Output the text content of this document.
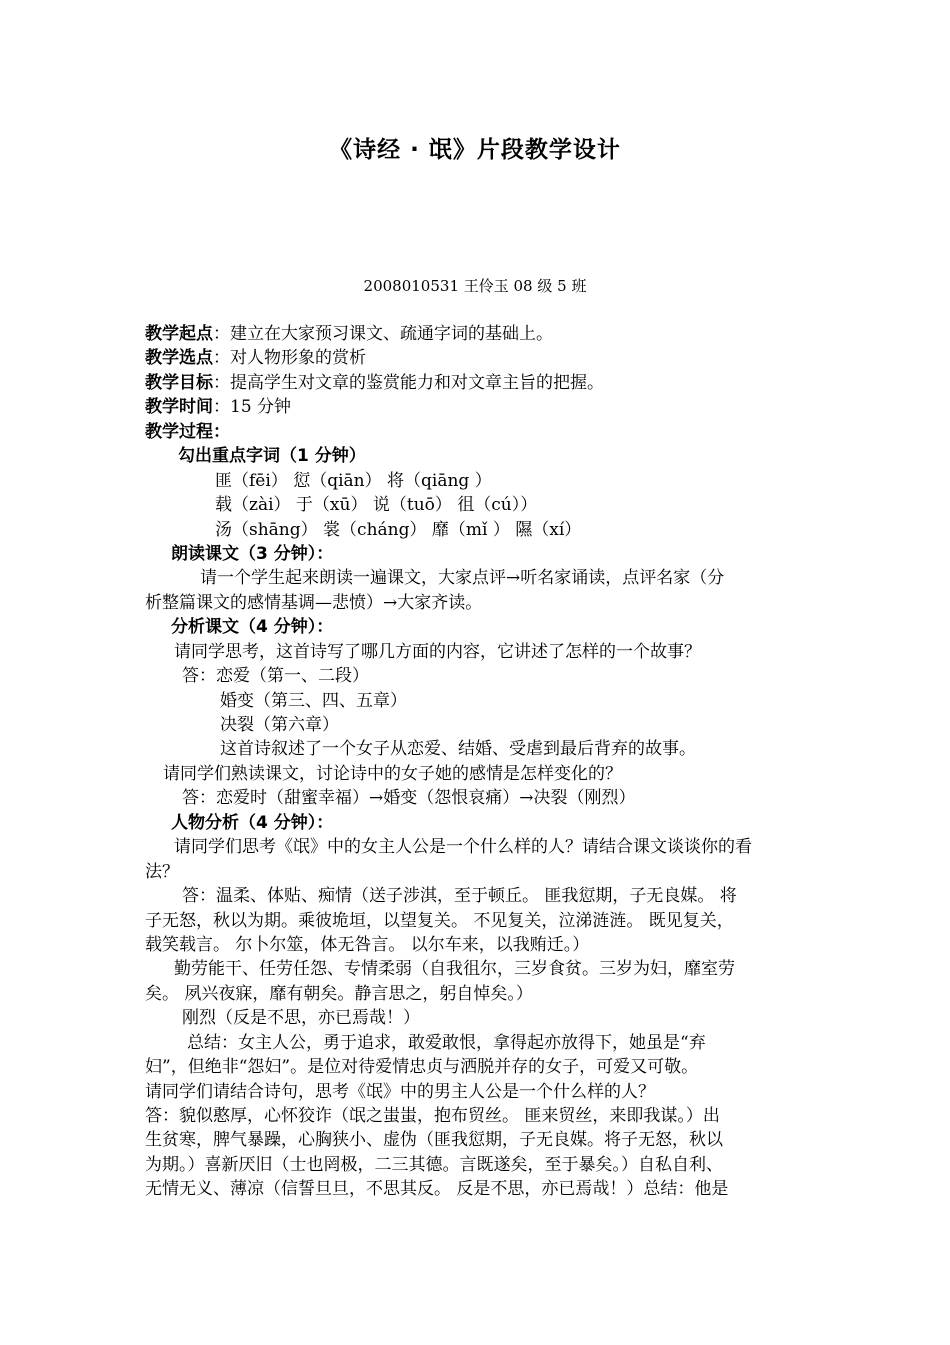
《诗经 · 氓》片段教学设计
2008010531 王伶玉 08 级 5 班
教学起点：建立在大家预习课文、疏通字词的基础上。
教学选点：对人物形象的赏析
教学目标：提高学生对文章的鉴赏能力和对文章主旨的把握。
教学时间：15 分钟
教学过程：
勾出重点字词（1 分钟）
匪（fēi） 愆（qiān） 将（qiāng ）
载（zài） 于（xū） 说（tuō） 徂（cú））
汤（shāng） 裳（cháng） 靡（mǐ ） 隰（xí）
朗读课文（3 分钟）：
请一个学生起来朗读一遍课文，大家点评→听名家诵读，点评名家（分
析整篇课文的感情基调—悲愤）→大家齐读。
分析课文（4 分钟）：
请同学思考，这首诗写了哪几方面的内容，它讲述了怎样的一个故事？
答：恋爱（第一、二段）
婚变（第三、四、五章）
决裂（第六章）
这首诗叙述了一个女子从恋爱、结婚、受虐到最后背弃的故事。
请同学们熟读课文，讨论诗中的女子她的感情是怎样变化的？
答：恋爱时（甜蜜幸福）→婚变（怨恨哀痛）→决裂（刚烈）
人物分析（4 分钟）：
请同学们思考《氓》中的女主人公是一个什么样的人？请结合课文谈谈你的看
法？
答：温柔、体贴、痴情（送子涉淇，至于顿丘。 匪我愆期，子无良媒。 将
子无怒，秋以为期。乘彼垝垣，以望复关。 不见复关，泣涕涟涟。 既见复关，
载笑载言。 尔卜尔筮，体无咎言。 以尔车来，以我贿迁。）
勤劳能干、任劳任怨、专情柔弱（自我徂尔，三岁食贫。三岁为妇，靡室劳
矣。 夙兴夜寐，靡有朝矣。静言思之，躬自悼矣。）
刚烈（反是不思，亦已焉哉！）
总结：女主人公，勇于追求，敢爱敢恨，拿得起亦放得下，她虽是“弃
妇”，但绝非“怨妇”。是位对待爱情忠贞与洒脱并存的女子，可爱又可敬。
请同学们请结合诗句，思考《氓》中的男主人公是一个什么样的人？
答：貌似憨厚，心怀狡诈（氓之蚩蚩，抱布贸丝。 匪来贸丝，来即我谋。）出
生贫寒，脾气暴躁，心胸狭小、虚伪（匪我愆期，子无良媒。将子无怒，秋以
为期。）喜新厌旧（士也罔极，二三其德。言既遂矣，至于暴矣。）自私自利、
无情无义、薄凉（信誓旦旦，不思其反。 反是不思，亦已焉哉！）总结：他是
